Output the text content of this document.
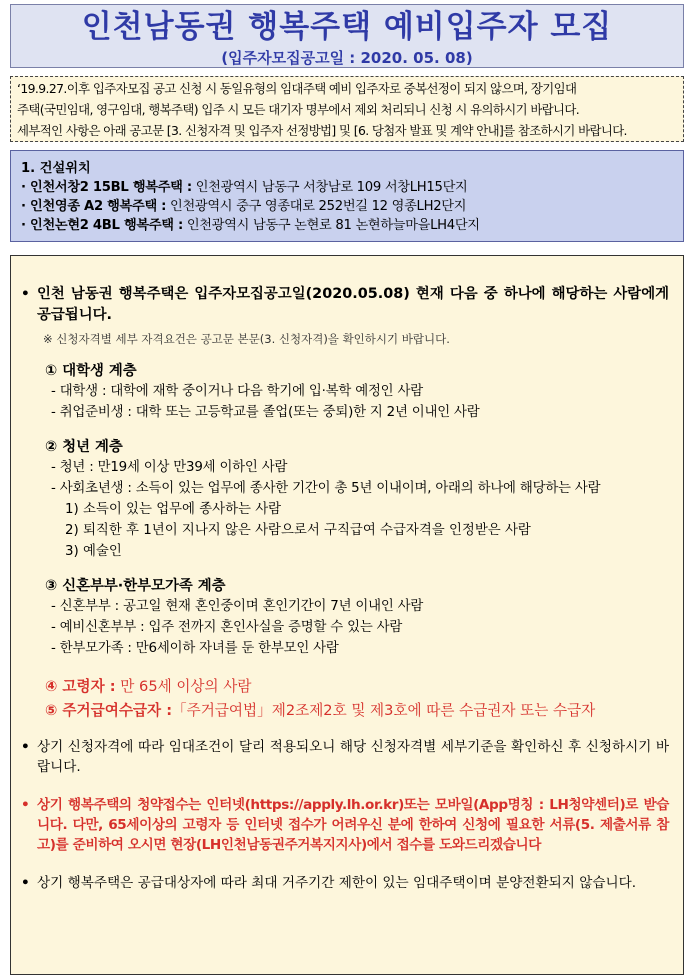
인천남동권 행복주택 예비입주자 모집
(입주자모집공고일 : 2020. 05. 08)
‘19.9.27.이후 입주자모집 공고 신청 시 동일유형의 임대주택 예비 입주자로 중복선정이 되지 않으며, 장기임대
주택(국민임대, 영구임대, 행복주택) 입주 시 모든 대기자 명부에서 제외 처리되니 신청 시 유의하시기 바랍니다.
세부적인 사항은 아래 공고문 [3. 신청자격 및 입주자 선정방법] 및 [6. 당첨자 발표 및 계약 안내]를 참조하시기 바랍니다.
1. 건설위치
· 인천서창2 15BL 행복주택 : 인천광역시 남동구 서창남로 109 서창LH15단지
· 인천영종 A2 행복주택 : 인천광역시 중구 영종대로 252번길 12 영종LH2단지
· 인천논현2 4BL 행복주택 : 인천광역시 남동구 논현로 81 논현하늘마을LH4단지
• 인천 남동권 행복주택은 입주자모집공고일(2020.05.08) 현재 다음 중 하나에 해당하는 사람에게 공급됩니다.
※ 신청자격별 세부 자격요건은 공고문 본문(3. 신청자격)을 확인하시기 바랍니다.
① 대학생 계층
- 대학생 : 대학에 재학 중이거나 다음 학기에 입·복학 예정인 사람
- 취업준비생 : 대학 또는 고등학교를 졸업(또는 중퇴)한 지 2년 이내인 사람
② 청년 계층
- 청년 : 만19세 이상 만39세 이하인 사람
- 사회초년생 : 소득이 있는 업무에 종사한 기간이 총 5년 이내이며, 아래의 하나에 해당하는 사람
1) 소득이 있는 업무에 종사하는 사람
2) 퇴직한 후 1년이 지나지 않은 사람으로서 구직급여 수급자격을 인정받은 사람
3) 예술인
③ 신혼부부·한부모가족 계층
- 신혼부부 : 공고일 현재 혼인중이며 혼인기간이 7년 이내인 사람
- 예비신혼부부 : 입주 전까지 혼인사실을 증명할 수 있는 사람
- 한부모가족 : 만6세이하 자녀를 둔 한부모인 사람
④ 고령자 : 만 65세 이상의 사람
⑤ 주거급여수급자 :「주거급여법」제2조제2호 및 제3호에 따른 수급권자 또는 수급자
• 상기 신청자격에 따라 임대조건이 달리 적용되오니 해당 신청자격별 세부기준을 확인하신 후 신청하시기 바랍니다.
• 상기 행복주택의 청약접수는 인터넷(https://apply.lh.or.kr)또는 모바일(App명칭 : LH청약센터)로 받습니다. 다만, 65세이상의 고령자 등 인터넷 접수가 어려우신 분에 한하여 신청에 필요한 서류(5. 제출서류 참고)를 준비하여 오시면 현장(LH인천남동권주거복지지사)에서 접수를 도와드리겠습니다
• 상기 행복주택은 공급대상자에 따라 최대 거주기간 제한이 있는 임대주택이며 분양전환되지 않습니다.
